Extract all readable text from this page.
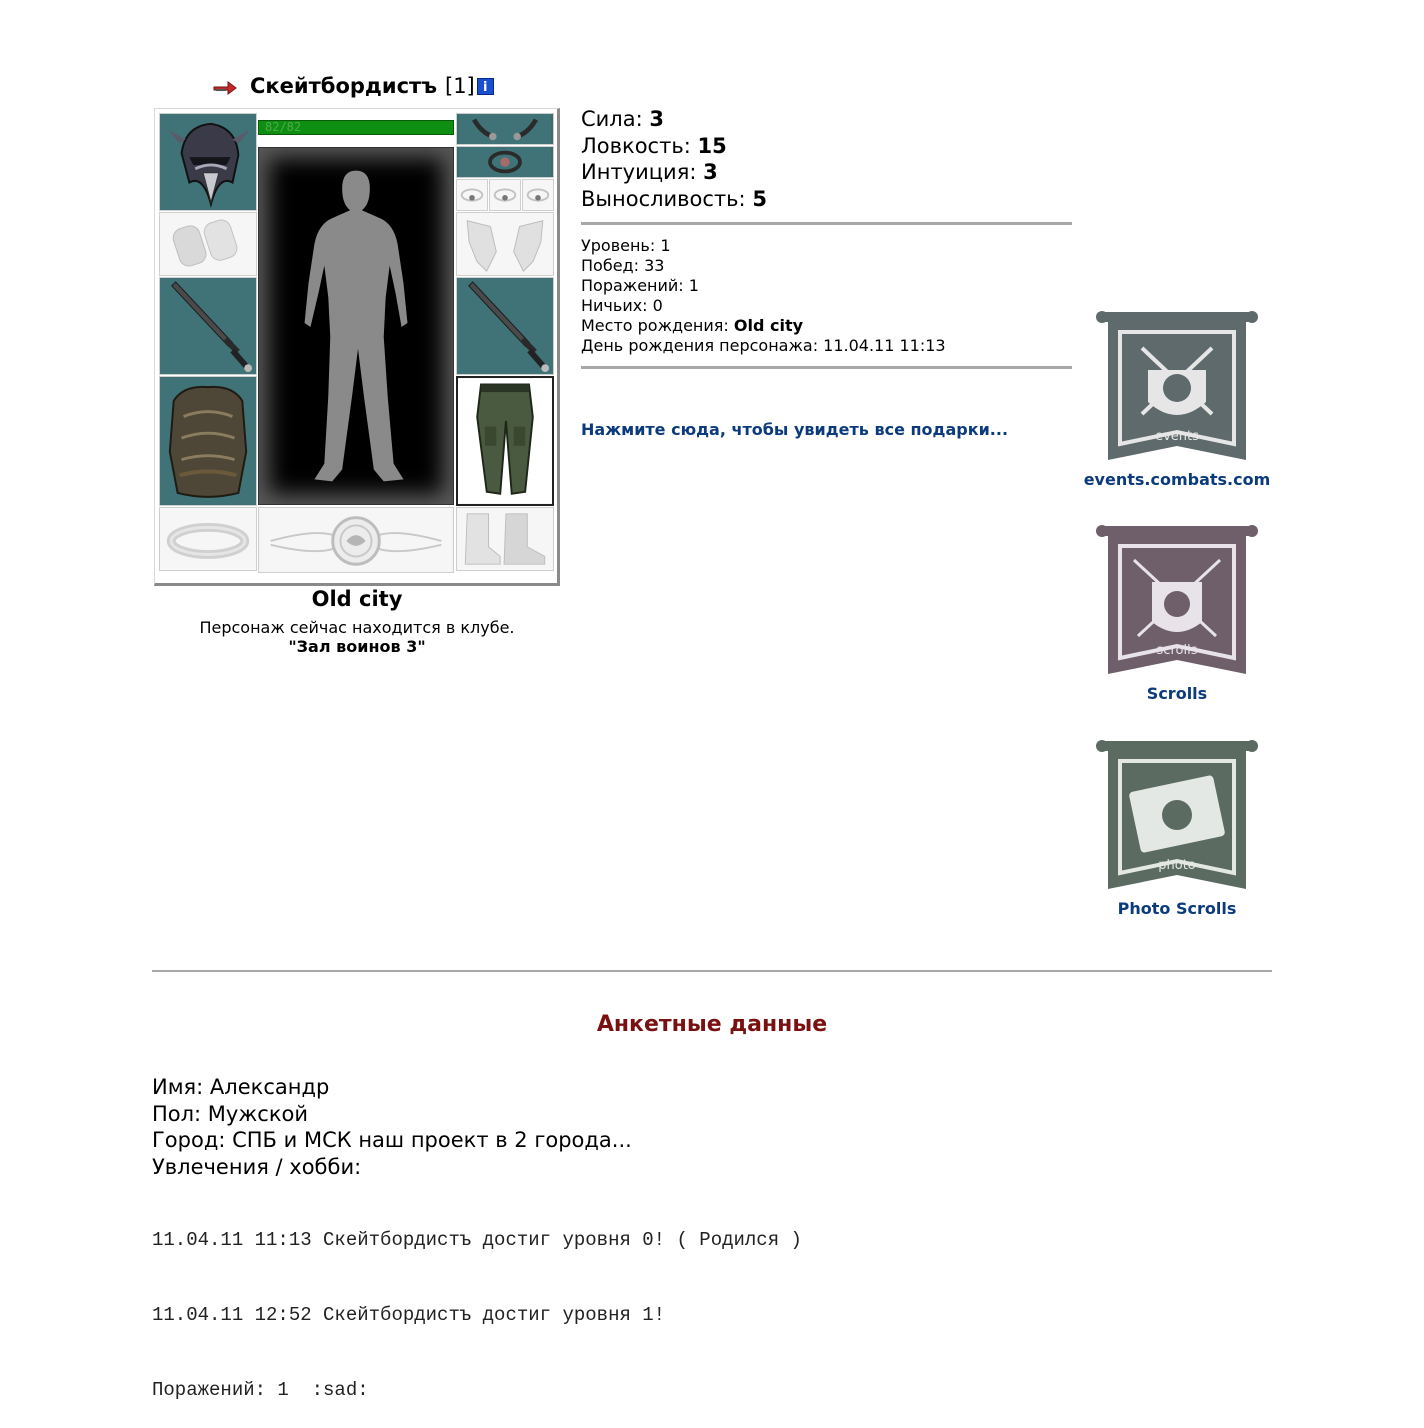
Скейтбордистъ [1] i
82/82
Old city
Персонаж сейчас находится в клубе.
"Зал воинов 3"
Сила: 3
Ловкость: 15
Интуиция: 3
Выносливость: 5
Уровень: 1
Побед: 33
Поражений: 1
Ничьих: 0
Место рождения: Old city
День рождения персонажа: 11.04.11 11:13
Нажмите сюда, чтобы увидеть все подарки...	events
events.combats.com
scrolls
Scrolls
photo
Photo Scrolls
Анкетные данные
Имя: Александр
Пол: Мужской
Город: СПБ и МСК наш проект в 2 города...
Увлечения / хобби:

11.04.11 11:13 Скейтбордистъ достиг уровня 0! ( Родился )

11.04.11 12:52 Скейтбордистъ достиг уровня 1!

Поражений: 1  :sad:
